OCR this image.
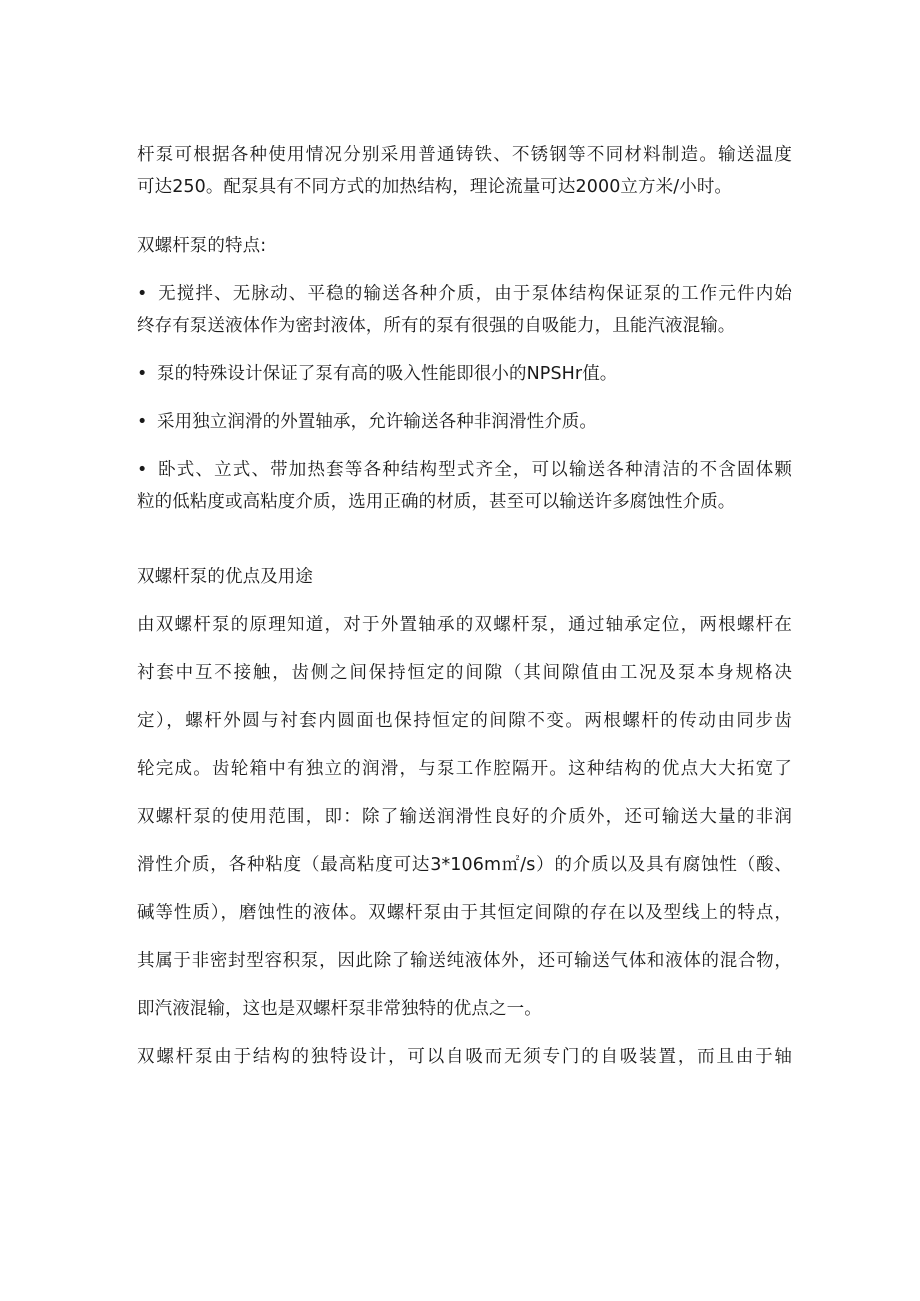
杆泵可根据各种使用情况分别采用普通铸铁、不锈钢等不同材料制造。输送温度
可达250。配泵具有不同方式的加热结构，理论流量可达2000立方米/小时。
双螺杆泵的特点:
• 无搅拌、无脉动、平稳的输送各种介质，由于泵体结构保证泵的工作元件内始
终存有泵送液体作为密封液体，所有的泵有很强的自吸能力，且能汽液混输。
• 泵的特殊设计保证了泵有高的吸入性能即很小的NPSHr值。
• 采用独立润滑的外置轴承，允许输送各种非润滑性介质。
• 卧式、立式、带加热套等各种结构型式齐全，可以输送各种清洁的不含固体颗
粒的低粘度或高粘度介质，选用正确的材质，甚至可以输送许多腐蚀性介质。
双螺杆泵的优点及用途
由双螺杆泵的原理知道，对于外置轴承的双螺杆泵，通过轴承定位，两根螺杆在
衬套中互不接触，齿侧之间保持恒定的间隙（其间隙值由工况及泵本身规格决
定），螺杆外圆与衬套内圆面也保持恒定的间隙不变。两根螺杆的传动由同步齿
轮完成。齿轮箱中有独立的润滑，与泵工作腔隔开。这种结构的优点大大拓宽了
双螺杆泵的使用范围，即：除了输送润滑性良好的介质外，还可输送大量的非润
滑性介质，各种粘度（最高粘度可达3*106m㎡/s）的介质以及具有腐蚀性（酸、
碱等性质），磨蚀性的液体。双螺杆泵由于其恒定间隙的存在以及型线上的特点，
其属于非密封型容积泵，因此除了输送纯液体外，还可输送气体和液体的混合物，
即汽液混输，这也是双螺杆泵非常独特的优点之一。
双螺杆泵由于结构的独特设计，可以自吸而无须专门的自吸装置，而且由于轴
